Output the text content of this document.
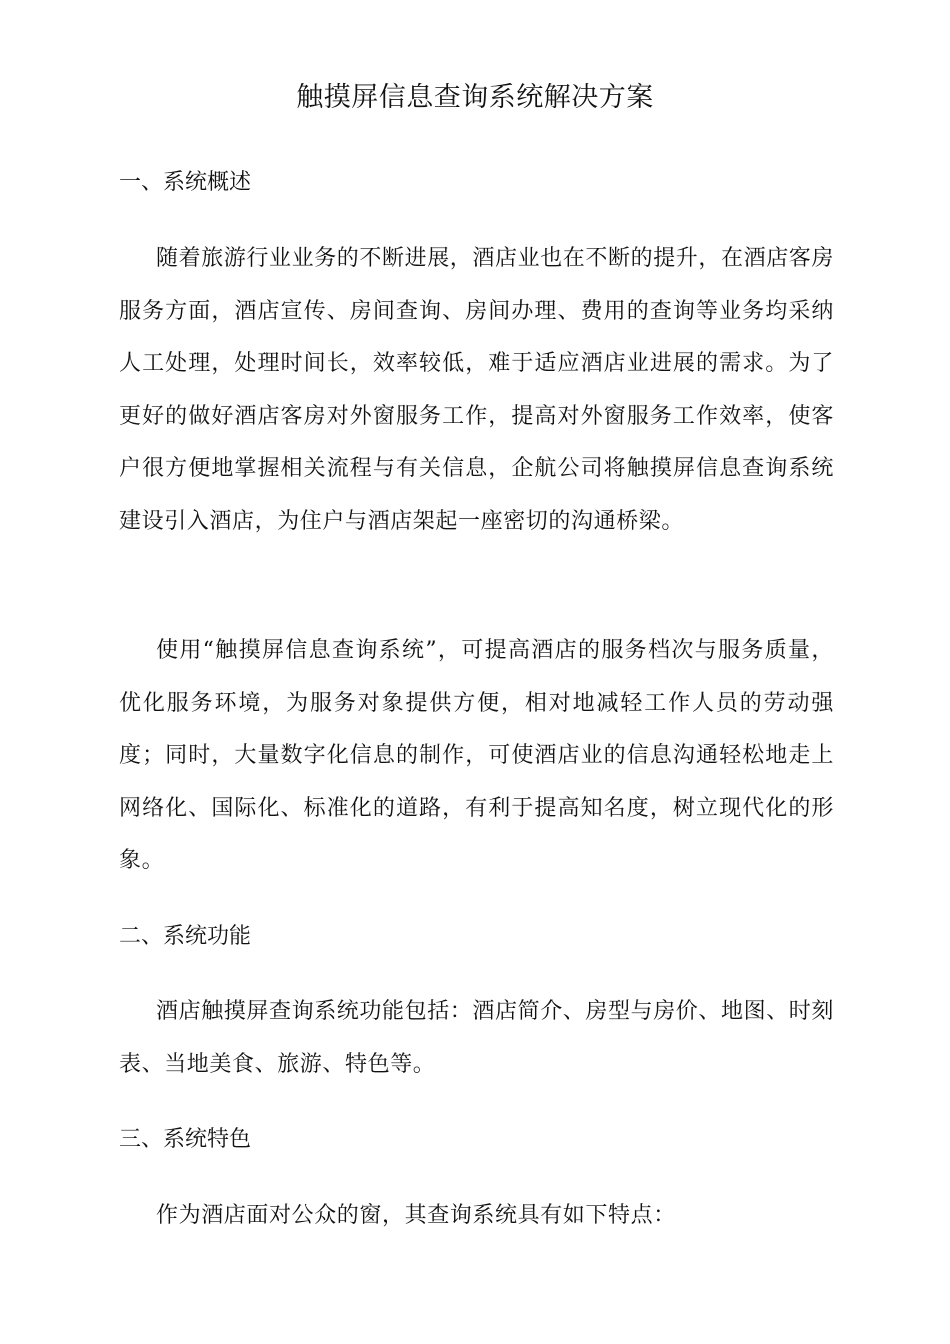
触摸屏信息查询系统解决方案
一、系统概述

随着旅游行业业务的不断进展，酒店业也在不断的提升，在酒店客房服务方面，酒店宣传、房间查询、房间办理、费用的查询等业务均采纳人工处理，处理时间长，效率较低，难于适应酒店业进展的需求。为了更好的做好酒店客房对外窗服务工作，提高对外窗服务工作效率，使客户很方便地掌握相关流程与有关信息，企航公司将触摸屏信息查询系统建设引入酒店，为住户与酒店架起一座密切的沟通桥梁。

使用“触摸屏信息查询系统”，可提高酒店的服务档次与服务质量，优化服务环境，为服务对象提供方便，相对地减轻工作人员的劳动强度；同时，大量数字化信息的制作，可使酒店业的信息沟通轻松地走上网络化、国际化、标准化的道路，有利于提高知名度，树立现代化的形象。

二、系统功能

酒店触摸屏查询系统功能包括：酒店简介、房型与房价、地图、时刻表、当地美食、旅游、特色等。

三、系统特色

作为酒店面对公众的窗，其查询系统具有如下特点：
